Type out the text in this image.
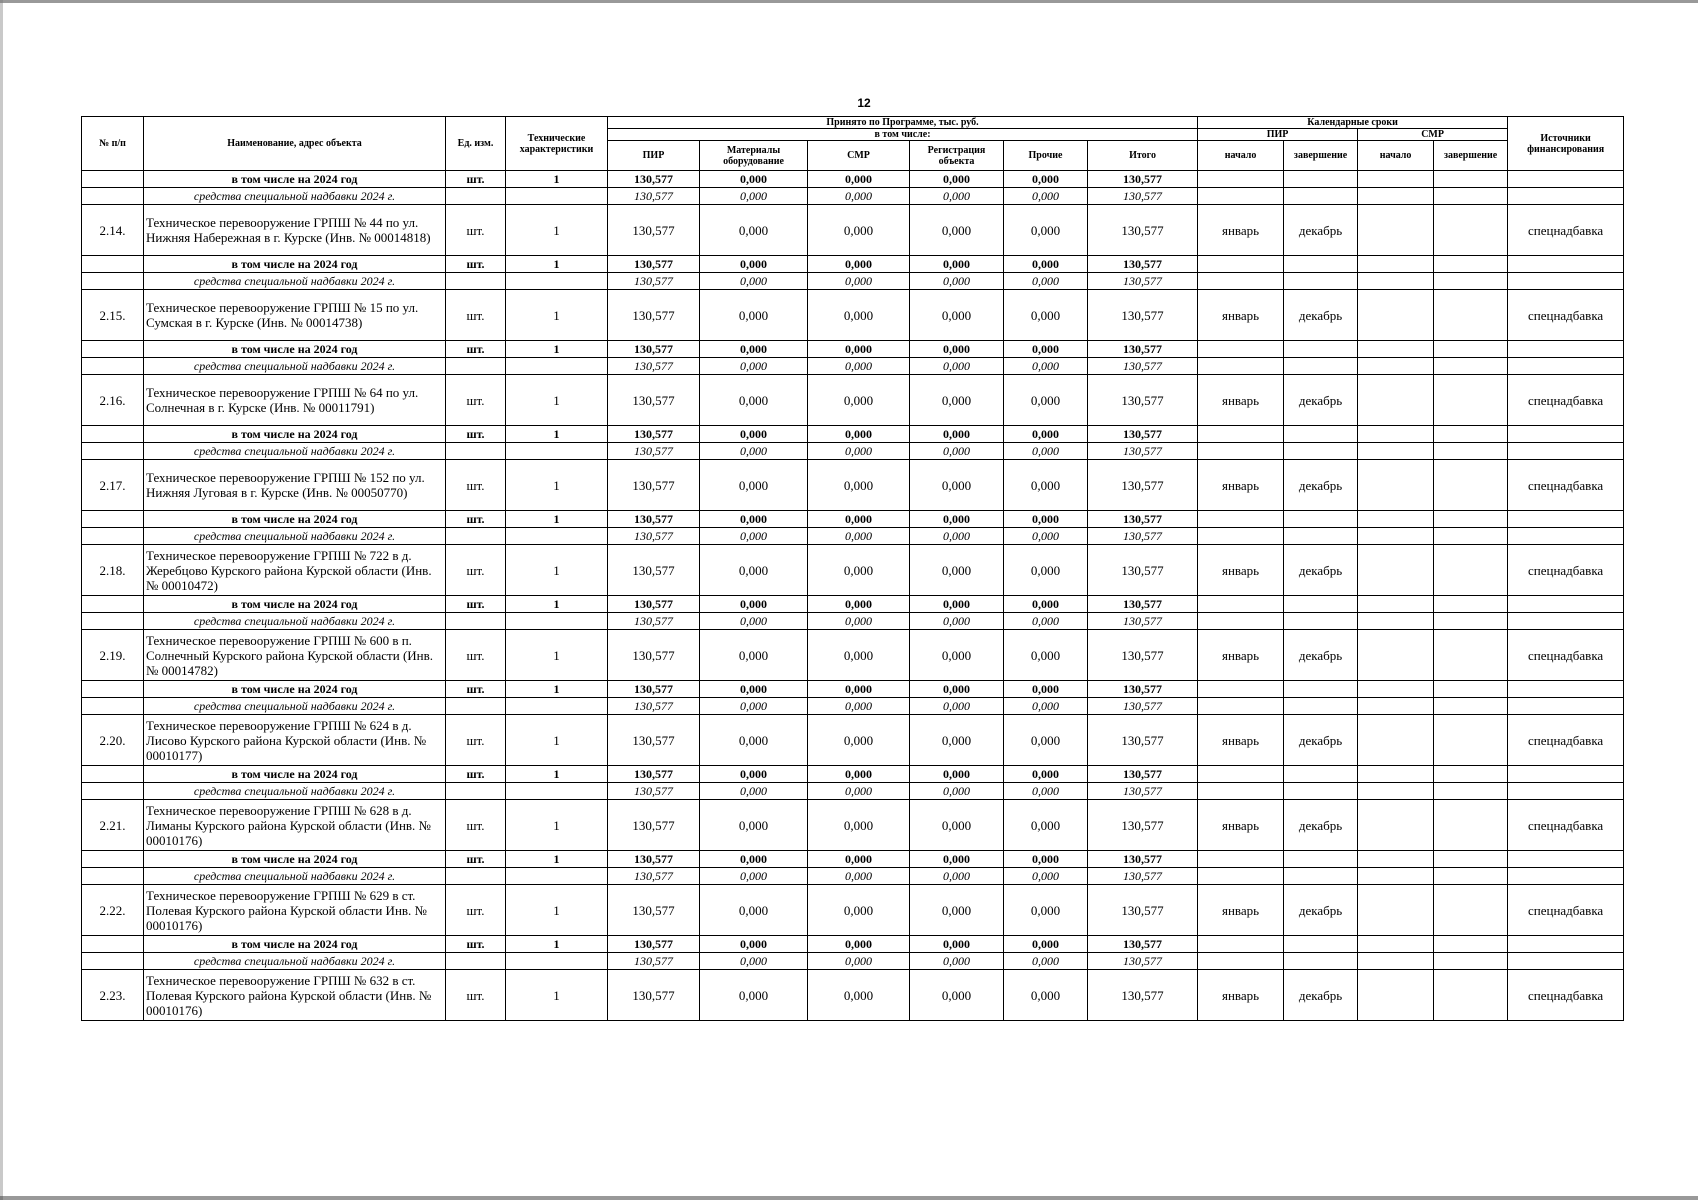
12
№ п/п	Наименование, адрес объекта	Ед. изм.	Технические характеристики	Принято по Программе, тыс. руб.						Календарные сроки				Источники финансирования
				в том числе:						ПИР		СМР		
				ПИР	Материалы оборудование	СМР	Регистрация объекта	Прочие	Итого	начало	завершение	начало	завершение	
	в том числе на 2024 год	шт.	1	130,577	0,000	0,000	0,000	0,000	130,577					
	средства специальной надбавки 2024 г.			130,577	0,000	0,000	0,000	0,000	130,577					
2.14.	Техническое перевооружение ГРПШ № 44 по ул. Нижняя Набережная в г. Курске (Инв. № 00014818)	шт.	1	130,577	0,000	0,000	0,000	0,000	130,577	январь	декабрь			спецнадбавка
	в том числе на 2024 год	шт.	1	130,577	0,000	0,000	0,000	0,000	130,577					
	средства специальной надбавки 2024 г.			130,577	0,000	0,000	0,000	0,000	130,577					
2.15.	Техническое перевооружение ГРПШ № 15 по ул. Сумская в г. Курске (Инв. № 00014738)	шт.	1	130,577	0,000	0,000	0,000	0,000	130,577	январь	декабрь			спецнадбавка
	в том числе на 2024 год	шт.	1	130,577	0,000	0,000	0,000	0,000	130,577					
	средства специальной надбавки 2024 г.			130,577	0,000	0,000	0,000	0,000	130,577					
2.16.	Техническое перевооружение ГРПШ № 64 по ул. Солнечная в г. Курске (Инв. № 00011791)	шт.	1	130,577	0,000	0,000	0,000	0,000	130,577	январь	декабрь			спецнадбавка
	в том числе на 2024 год	шт.	1	130,577	0,000	0,000	0,000	0,000	130,577					
	средства специальной надбавки 2024 г.			130,577	0,000	0,000	0,000	0,000	130,577					
2.17.	Техническое перевооружение ГРПШ № 152 по ул. Нижняя Луговая в г. Курске (Инв. № 00050770)	шт.	1	130,577	0,000	0,000	0,000	0,000	130,577	январь	декабрь			спецнадбавка
	в том числе на 2024 год	шт.	1	130,577	0,000	0,000	0,000	0,000	130,577					
	средства специальной надбавки 2024 г.			130,577	0,000	0,000	0,000	0,000	130,577					
2.18.	Техническое перевооружение ГРПШ № 722 в д. Жеребцово Курского района Курской области (Инв. № 00010472)	шт.	1	130,577	0,000	0,000	0,000	0,000	130,577	январь	декабрь			спецнадбавка
	в том числе на 2024 год	шт.	1	130,577	0,000	0,000	0,000	0,000	130,577					
	средства специальной надбавки 2024 г.			130,577	0,000	0,000	0,000	0,000	130,577					
2.19.	Техническое перевооружение ГРПШ № 600 в п. Солнечный Курского района Курской области (Инв. № 00014782)	шт.	1	130,577	0,000	0,000	0,000	0,000	130,577	январь	декабрь			спецнадбавка
	в том числе на 2024 год	шт.	1	130,577	0,000	0,000	0,000	0,000	130,577					
	средства специальной надбавки 2024 г.			130,577	0,000	0,000	0,000	0,000	130,577					
2.20.	Техническое перевооружение ГРПШ № 624 в д. Лисово Курского района Курской области (Инв. № 00010177)	шт.	1	130,577	0,000	0,000	0,000	0,000	130,577	январь	декабрь			спецнадбавка
	в том числе на 2024 год	шт.	1	130,577	0,000	0,000	0,000	0,000	130,577					
	средства специальной надбавки 2024 г.			130,577	0,000	0,000	0,000	0,000	130,577					
2.21.	Техническое перевооружение ГРПШ № 628 в д. Лиманы Курского района Курской области (Инв. № 00010176)	шт.	1	130,577	0,000	0,000	0,000	0,000	130,577	январь	декабрь			спецнадбавка
	в том числе на 2024 год	шт.	1	130,577	0,000	0,000	0,000	0,000	130,577					
	средства специальной надбавки 2024 г.			130,577	0,000	0,000	0,000	0,000	130,577					
2.22.	Техническое перевооружение ГРПШ № 629 в ст. Полевая Курского района Курской области Инв. № 00010176)	шт.	1	130,577	0,000	0,000	0,000	0,000	130,577	январь	декабрь			спецнадбавка
	в том числе на 2024 год	шт.	1	130,577	0,000	0,000	0,000	0,000	130,577					
	средства специальной надбавки 2024 г.			130,577	0,000	0,000	0,000	0,000	130,577					
2.23.	Техническое перевооружение ГРПШ № 632 в ст. Полевая Курского района Курской области (Инв. № 00010176)	шт.	1	130,577	0,000	0,000	0,000	0,000	130,577	январь	декабрь			спецнадбавка
